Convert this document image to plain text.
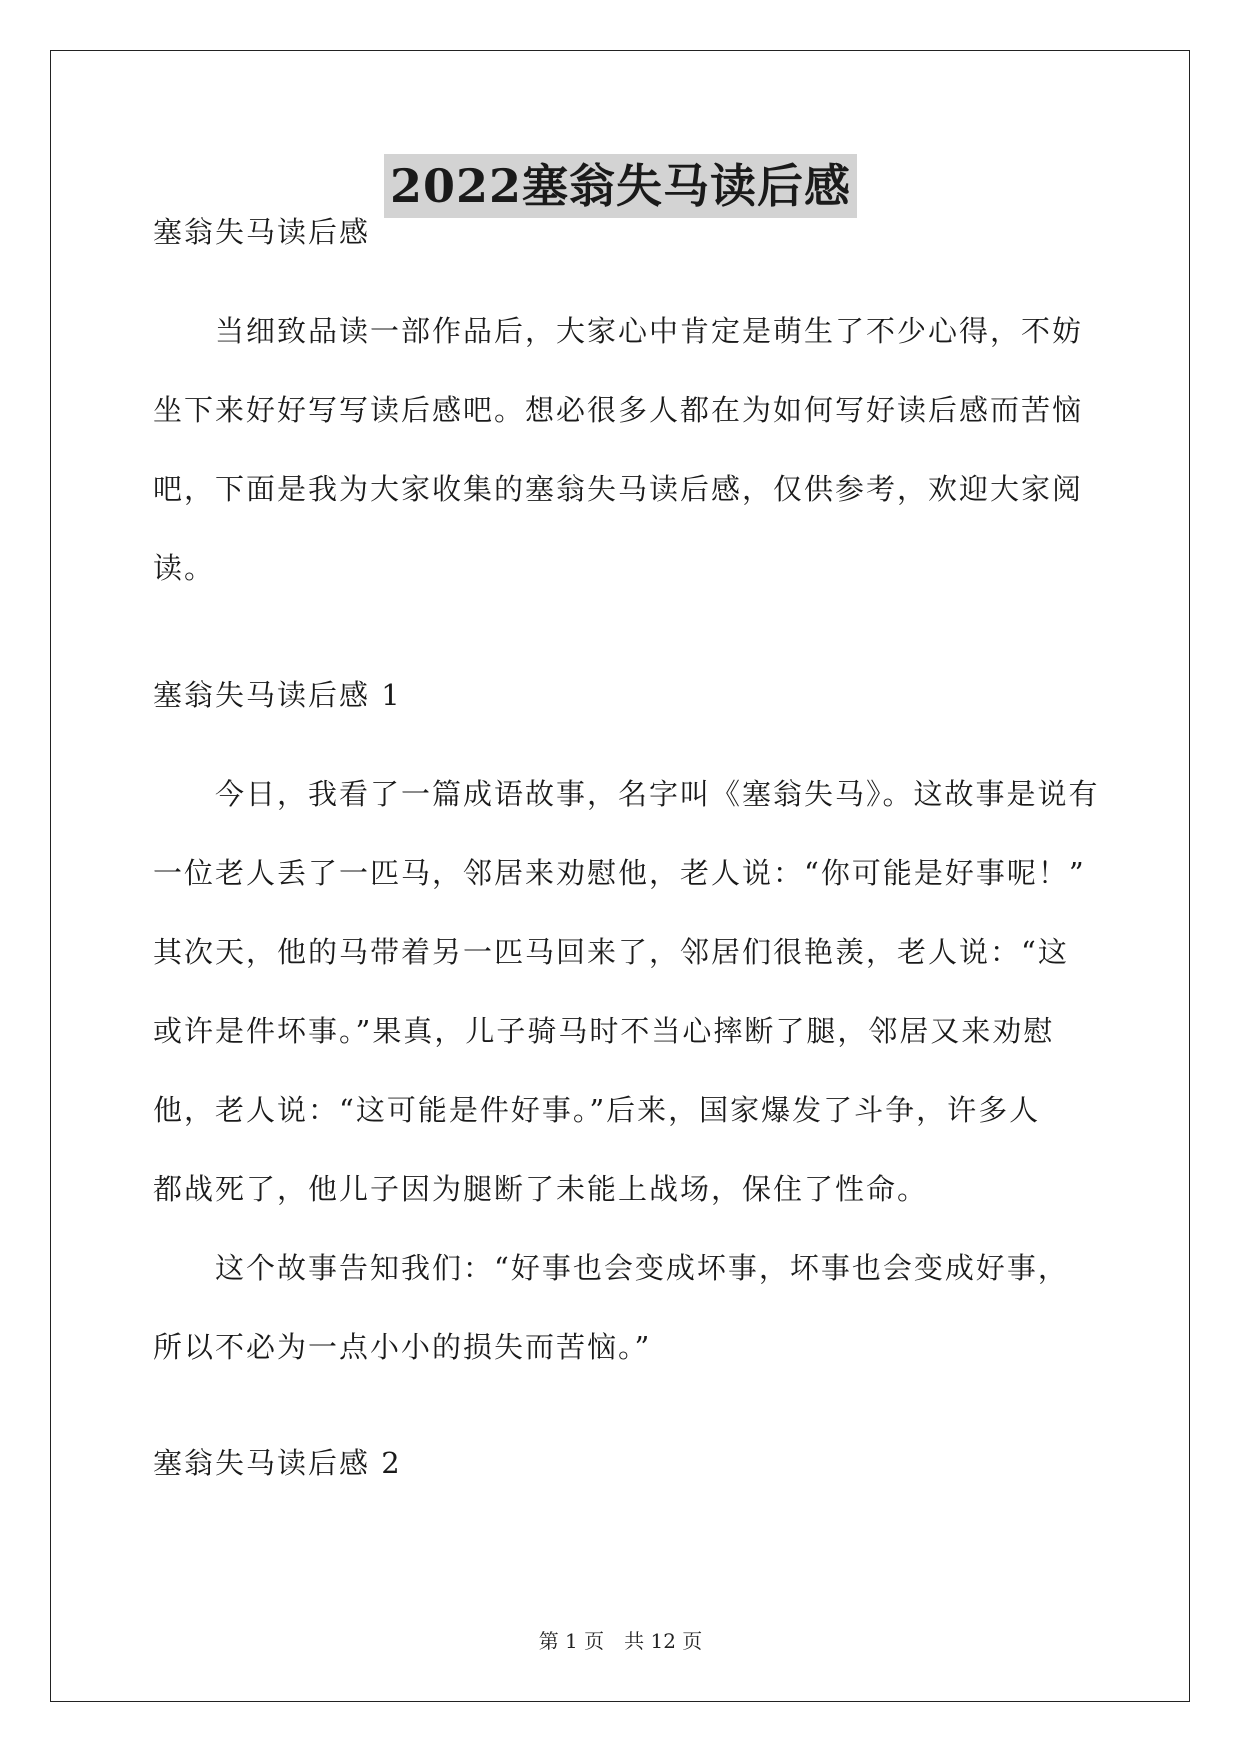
2022塞翁失马读后感
塞翁失马读后感
当细致品读一部作品后，大家心中肯定是萌生了不少心得，不妨
坐下来好好写写读后感吧。想必很多人都在为如何写好读后感而苦恼
吧，下面是我为大家收集的塞翁失马读后感，仅供参考，欢迎大家阅
读。
塞翁失马读后感 1
今日，我看了一篇成语故事，名字叫《塞翁失马》。这故事是说有
一位老人丢了一匹马，邻居来劝慰他，老人说：“你可能是好事呢！”
其次天，他的马带着另一匹马回来了，邻居们很艳羡，老人说：“这
或许是件坏事。”果真，儿子骑马时不当心摔断了腿，邻居又来劝慰
他，老人说：“这可能是件好事。”后来，国家爆发了斗争，许多人
都战死了，他儿子因为腿断了未能上战场，保住了性命。
这个故事告知我们：“好事也会变成坏事，坏事也会变成好事，
所以不必为一点小小的损失而苦恼。”
塞翁失马读后感 2
第 1 页　共 12 页
